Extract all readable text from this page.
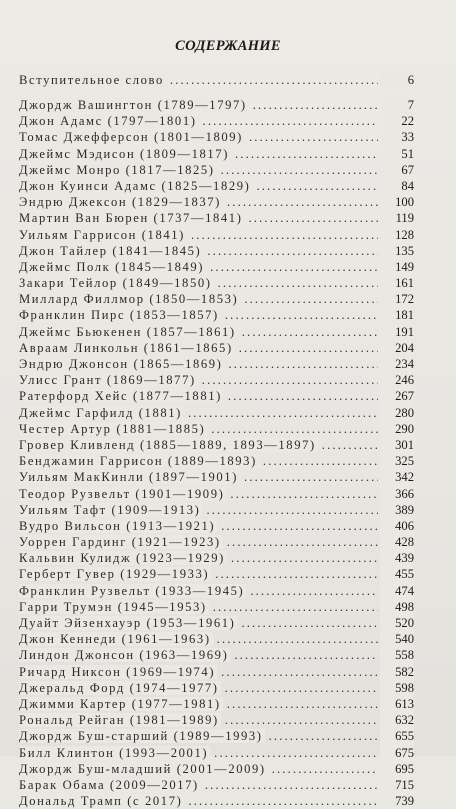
СОДЕРЖАНИЕ
Вступительное слово . . .	6
Джордж Вашингтон (1789—1797) . . .	7
Джон Адамс (1797—1801) . . .	22
Томас Джефферсон (1801—1809) . . .	33
Джеймс Мэдисон (1809—1817) . . .	51
Джеймс Монро (1817—1825) . . .	67
Джон Куинси Адамс (1825—1829) . . .	84
Эндрю Джексон (1829—1837) . . .	100
Мартин Ван Бюрен (1737—1841) . . .	119
Уильям Гаррисон (1841) . . .	128
Джон Тайлер (1841—1845) . . .	135
Джеймс Полк (1845—1849) . . .	149
Закари Тейлор (1849—1850) . . .	161
Миллард Филлмор (1850—1853) . . .	172
Франклин Пирс (1853—1857) . . .	181
Джеймс Бьюкенен (1857—1861) . . .	191
Авраам Линкольн (1861—1865) . . .	204
Эндрю Джонсон (1865—1869) . . .	234
Улисс Грант (1869—1877) . . .	246
Ратерфорд Хейс (1877—1881) . . .	267
Джеймс Гарфилд (1881) . . .	280
Честер Артур (1881—1885) . . .	290
Гровер Кливленд (1885—1889, 1893—1897) . . .	301
Бенджамин Гаррисон (1889—1893) . . .	325
Уильям МакКинли (1897—1901) . . .	342
Теодор Рузвельт (1901—1909) . . .	366
Уильям Тафт (1909—1913) . . .	389
Вудро Вильсон (1913—1921) . . .	406
Уоррен Гардинг (1921—1923) . . .	428
Кальвин Кулидж (1923—1929) . . .	439
Герберт Гувер (1929—1933) . . .	455
Франклин Рузвельт (1933—1945) . . .	474
Гарри Трумэн (1945—1953) . . .	498
Дуайт Эйзенхауэр (1953—1961) . . .	520
Джон Кеннеди (1961—1963) . . .	540
Линдон Джонсон (1963—1969) . . .	558
Ричард Никсон (1969—1974) . . .	582
Джеральд Форд (1974—1977) . . .	598
Джимми Картер (1977—1981) . . .	613
Рональд Рейган (1981—1989) . . .	632
Джордж Буш-старший (1989—1993) . . .	655
Билл Клинтон (1993—2001) . . .	675
Джордж Буш-младший (2001—2009) . . .	695
Барак Обама (2009—2017) . . .	715
Дональд Трамп (с 2017) . . .	739
